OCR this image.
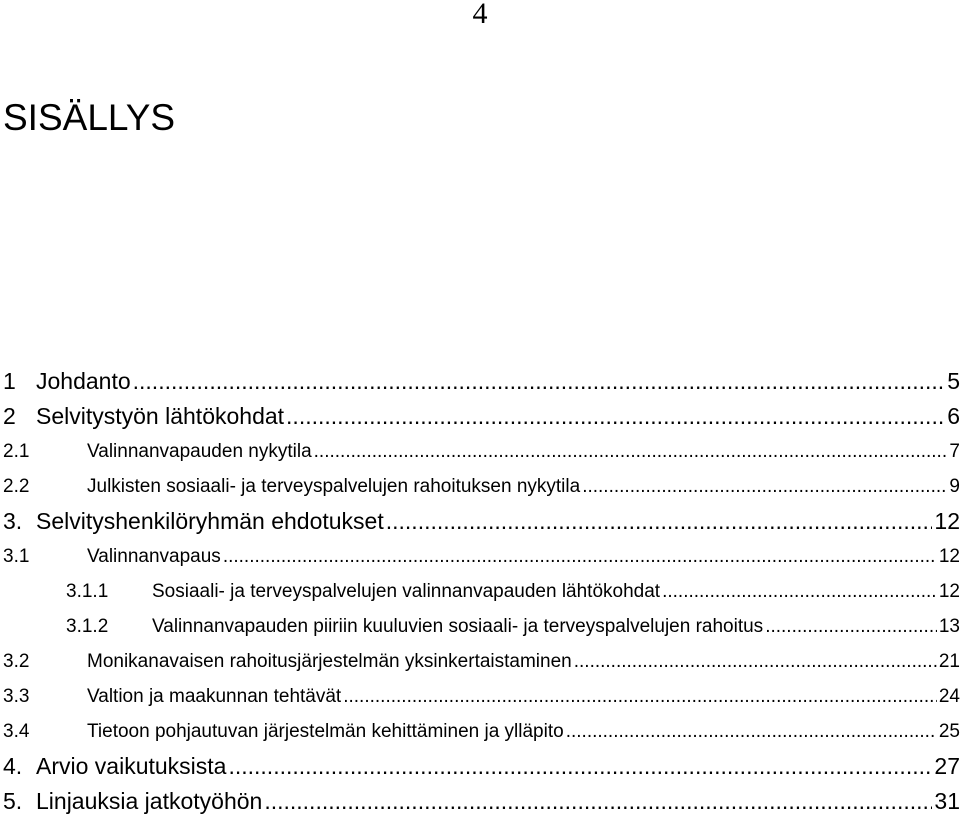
4
SISÄLLYS
1 Johdanto .....	5
2 Selvitystyön lähtökohdat .....	6
2.1	Valinnanvapauden nykytila .....	7
2.2	Julkisten sosiaali- ja terveyspalvelujen rahoituksen nykytila .....	9
3. Selvityshenkilöryhmän ehdotukset .....	12
3.1	Valinnanvapaus .....	12
3.1.1	Sosiaali- ja terveyspalvelujen valinnanvapauden lähtökohdat .....	12
3.1.2	Valinnanvapauden piiriin kuuluvien sosiaali- ja terveyspalvelujen rahoitus .....	13
3.2	Monikanavaisen rahoitusjärjestelmän yksinkertaistaminen .....	21
3.3	Valtion ja maakunnan tehtävät .....	24
3.4	Tietoon pohjautuvan järjestelmän kehittäminen ja ylläpito .....	25
4. Arvio vaikutuksista .....	27
5. Linjauksia jatkotyöhön .....	31
